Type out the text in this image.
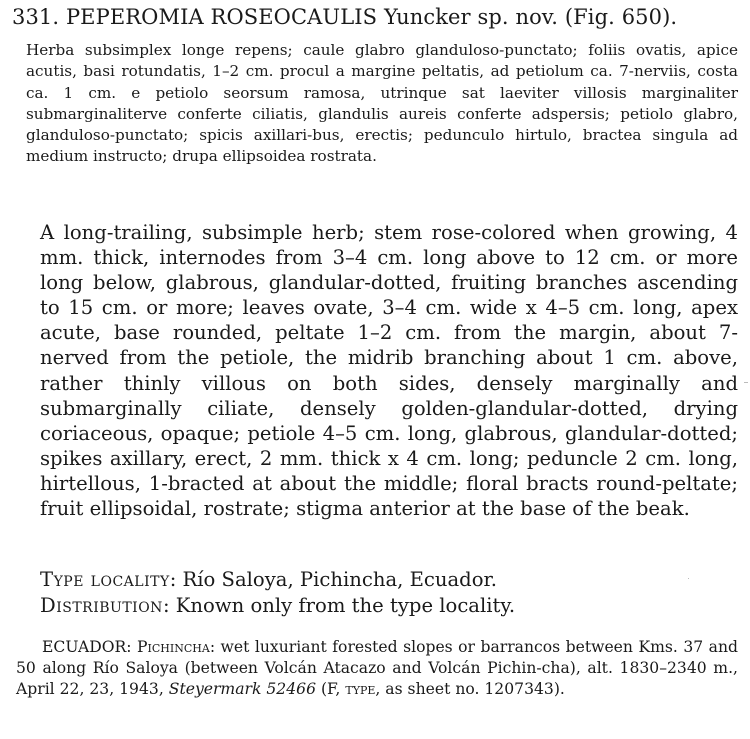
331. PEPEROMIA ROSEOCAULIS Yuncker sp. nov. (Fig. 650).
Herba subsimplex longe repens; caule glabro glanduloso-punctato; foliis ovatis, apice acutis, basi rotundatis, 1–2 cm. procul a margine peltatis, ad petiolum ca. 7-nerviis, costa ca. 1 cm. e petiolo seorsum ramosa, utrinque sat laeviter villosis marginaliter submarginaliterve conferte ciliatis, glandulis aureis conferte adspersis; petiolo glabro, glanduloso-punctato; spicis axillari-bus, erectis; pedunculo hirtulo, bractea singula ad medium instructo; drupa ellipsoidea rostrata.
A long-trailing, subsimple herb; stem rose-colored when growing, 4 mm. thick, internodes from 3–4 cm. long above to 12 cm. or more long below, glabrous, glandular-dotted, fruiting branches ascending to 15 cm. or more; leaves ovate, 3–4 cm. wide x 4–5 cm. long, apex acute, base rounded, peltate 1–2 cm. from the margin, about 7-nerved from the petiole, the midrib branching about 1 cm. above, rather thinly villous on both sides, densely marginally and submarginally ciliate, densely golden-glandular-dotted, drying coriaceous, opaque; petiole 4–5 cm. long, glabrous, glandular-dotted; spikes axillary, erect, 2 mm. thick x 4 cm. long; peduncle 2 cm. long, hirtellous, 1-bracted at about the middle; floral bracts round-peltate; fruit ellipsoidal, rostrate; stigma anterior at the base of the beak.
Type locality: Río Saloya, Pichincha, Ecuador.
Distribution: Known only from the type locality.
ECUADOR: Pichincha: wet luxuriant forested slopes or barrancos between Kms. 37 and 50 along Río Saloya (between Volcán Atacazo and Volcán Pichin-cha), alt. 1830–2340 m., April 22, 23, 1943, Steyermark 52466 (F, type, as sheet no. 1207343).
